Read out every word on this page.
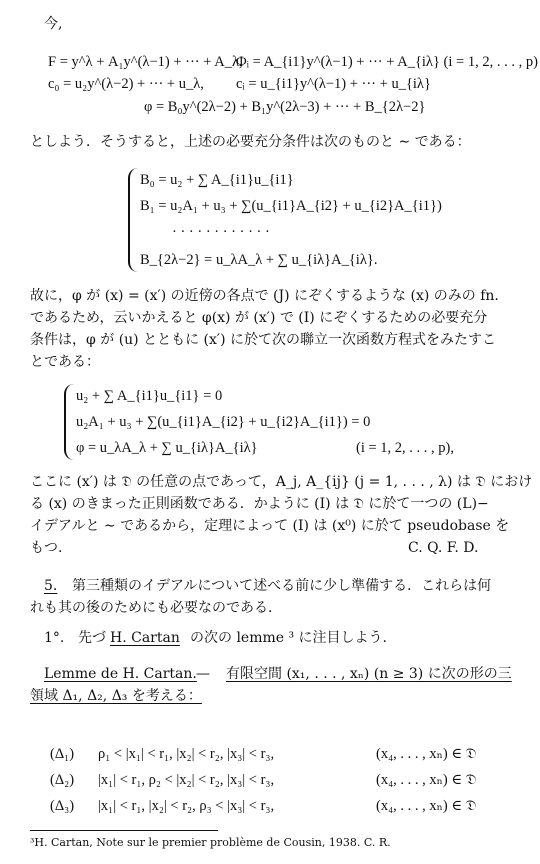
今,
F = y^λ + A₁y^(λ−1) + ··· + A_λ,
Φᵢ = A_{i1}y^(λ−1) + ··· + A_{iλ} (i = 1, 2, . . . , p)
c₀ = u₂y^(λ−2) + ··· + u_λ, cᵢ = u_{i1}y^(λ−1) + ··· + u_{iλ}
φ = B₀y^(2λ−2) + B₁y^(2λ−3) + ··· + B_{2λ−2}
としよう．そうすると，上述の必要充分条件は次のものと ∼ である：
B₀ = u₂ + ∑ A_{i1}u_{i1}
B₁ = u₂A₁ + u₃ + ∑(u_{i1}A_{i2} + u_{i2}A_{i1})
· · · · · · · · · · · ·
B_{2λ−2} = u_λA_λ + ∑ u_{iλ}A_{iλ}.
故に，φ が (x) = (x′) の近傍の各点で (J) にぞくするような (x) のみの fn.
であるため，云いかえると φ(x) が (x′) で (I) にぞくするための必要充分
条件は，φ が (u) とともに (x′) に於て次の聯立一次函数方程式をみたすこ
とである：
u₂ + ∑ A_{i1}u_{i1} = 0
u₂A₁ + u₃ + ∑(u_{i1}A_{i2} + u_{i2}A_{i1}) = 0
φ = u_λA_λ + ∑ u_{iλ}A_{iλ}	(i = 1, 2, . . . , p),
ここに (x′) は 𝔇 の任意の点であって，A_j, A_{ij} (j = 1, . . . , λ) は 𝔇 におけ
る (x) のきまった正則函数である．かように (I) は 𝔇 に於て一つの (L)−
イデアルと ∼ であるから，定理によって (I) は (x⁰) に於て pseudobase を
もつ.	C. Q. F. D.
5. 第三種類のイデアルについて述べる前に少し準備する．これらは何
れも其の後のためにも必要なのである.
1°. 先づ H. Cartan の次の lemme ³ に注目しよう.
Lemme de H. Cartan. — 有限空間 (x₁, . . . , xₙ) (n ≥ 3) に次の形の三
領域 Δ₁, Δ₂, Δ₃ を考える：
(Δ₁) ρ₁ < |x₁| < r₁, |x₂| < r₂, |x₃| < r₃,	(x₄, . . . , xₙ) ∈ 𝔇
(Δ₂) |x₁| < r₁, ρ₂ < |x₂| < r₂, |x₃| < r₃,	(x₄, . . . , xₙ) ∈ 𝔇
(Δ₃) |x₁| < r₁, |x₂| < r₂, ρ₃ < |x₃| < r₃,	(x₄, . . . , xₙ) ∈ 𝔇
³H. Cartan, Note sur le premier problème de Cousin, 1938. C. R.
